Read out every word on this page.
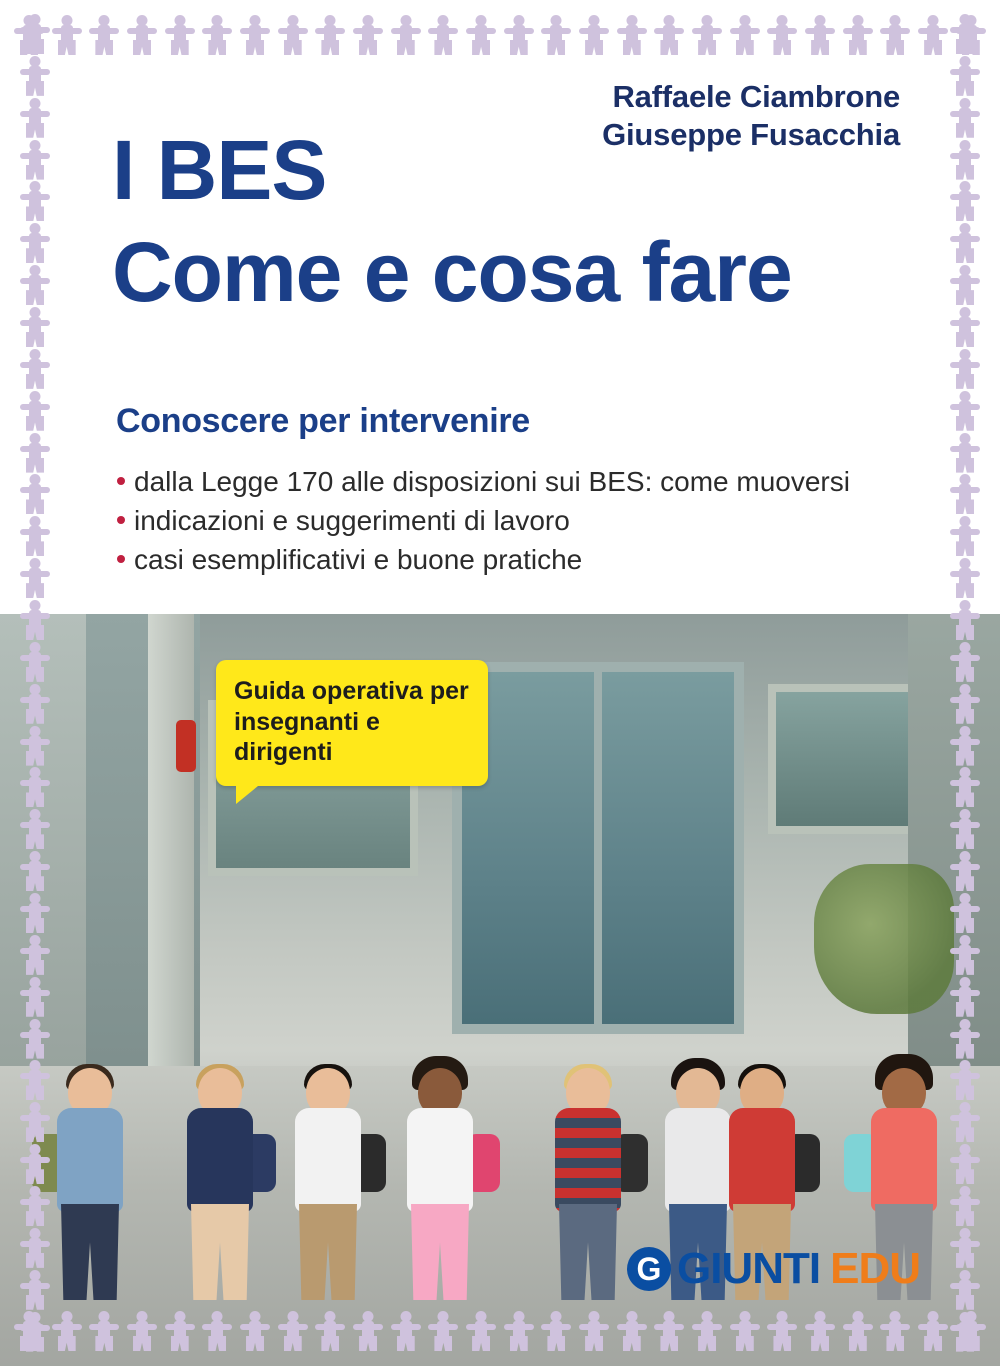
Raffaele Ciambrone
Giuseppe Fusacchia
I BES
Come e cosa fare
Conoscere per intervenire
dalla Legge 170 alle disposizioni sui BES: come muoversi
indicazioni e suggerimenti di lavoro
casi esemplificativi e buone pratiche
Guida operativa per
insegnanti e dirigenti
G GIUNTI EDU
